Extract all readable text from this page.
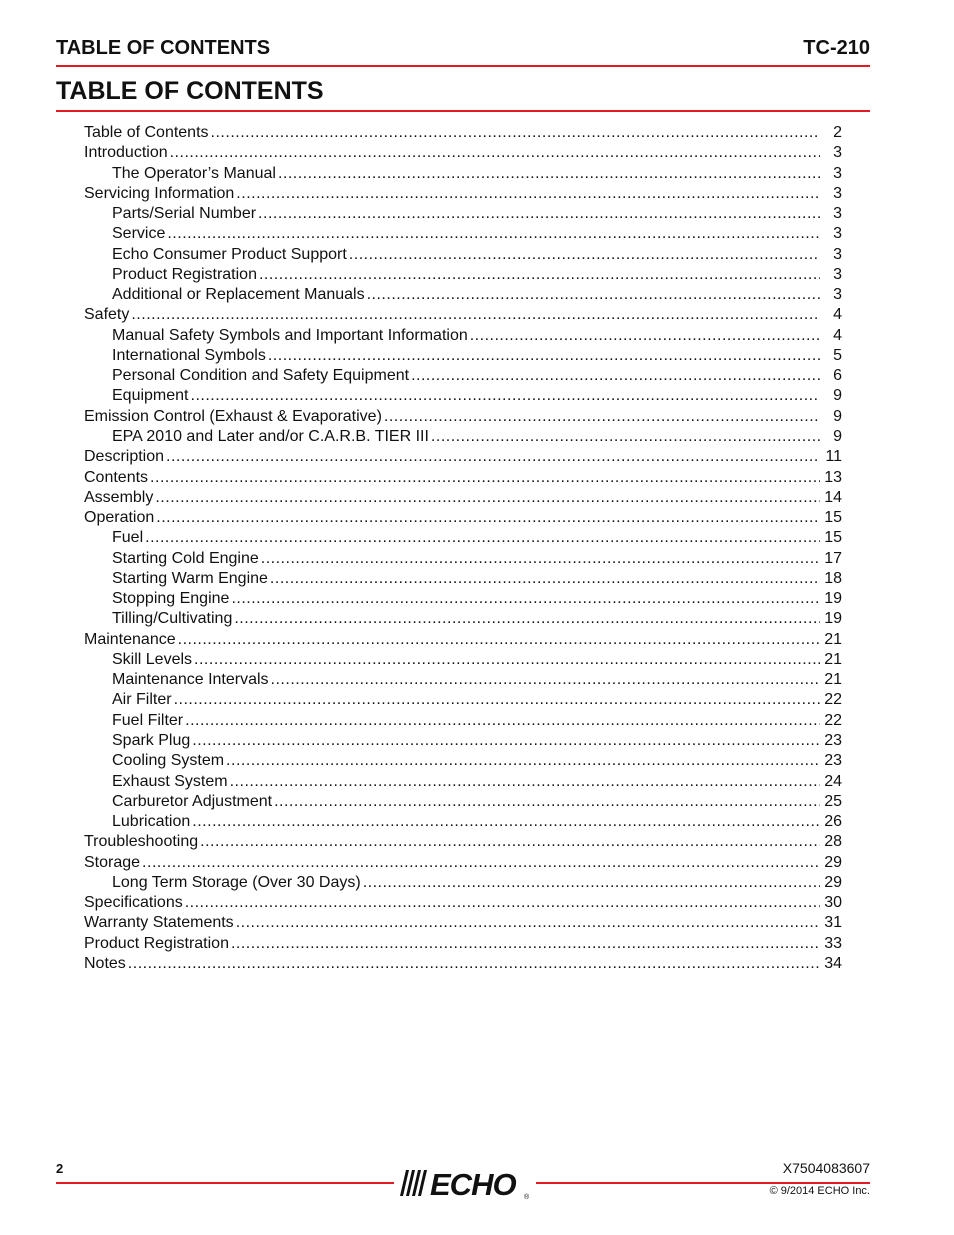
TABLE OF CONTENTS	TC-210
TABLE OF CONTENTS
Table of Contents .....	2
Introduction .....	3
The Operator’s Manual .....	3
Servicing Information .....	3
Parts/Serial Number .....	3
Service .....	3
Echo Consumer Product Support .....	3
Product Registration .....	3
Additional or Replacement Manuals .....	3
Safety .....	4
Manual Safety Symbols and Important Information .....	4
International Symbols .....	5
Personal Condition and Safety Equipment .....	6
Equipment .....	9
Emission Control (Exhaust & Evaporative) .....	9
EPA 2010 and Later and/or C.A.R.B. TIER III .....	9
Description .....	11
Contents .....	13
Assembly .....	14
Operation .....	15
Fuel .....	15
Starting Cold Engine .....	17
Starting Warm Engine .....	18
Stopping Engine .....	19
Tilling/Cultivating .....	19
Maintenance .....	21
Skill Levels .....	21
Maintenance Intervals .....	21
Air Filter .....	22
Fuel Filter .....	22
Spark Plug .....	23
Cooling System .....	23
Exhaust System .....	24
Carburetor Adjustment .....	25
Lubrication .....	26
Troubleshooting .....	28
Storage .....	29
Long Term Storage (Over 30 Days) .....	29
Specifications .....	30
Warranty Statements .....	31
Product Registration .....	33
Notes .....	34
2	ECHO ®
X7504083607
© 9/2014 ECHO Inc.
